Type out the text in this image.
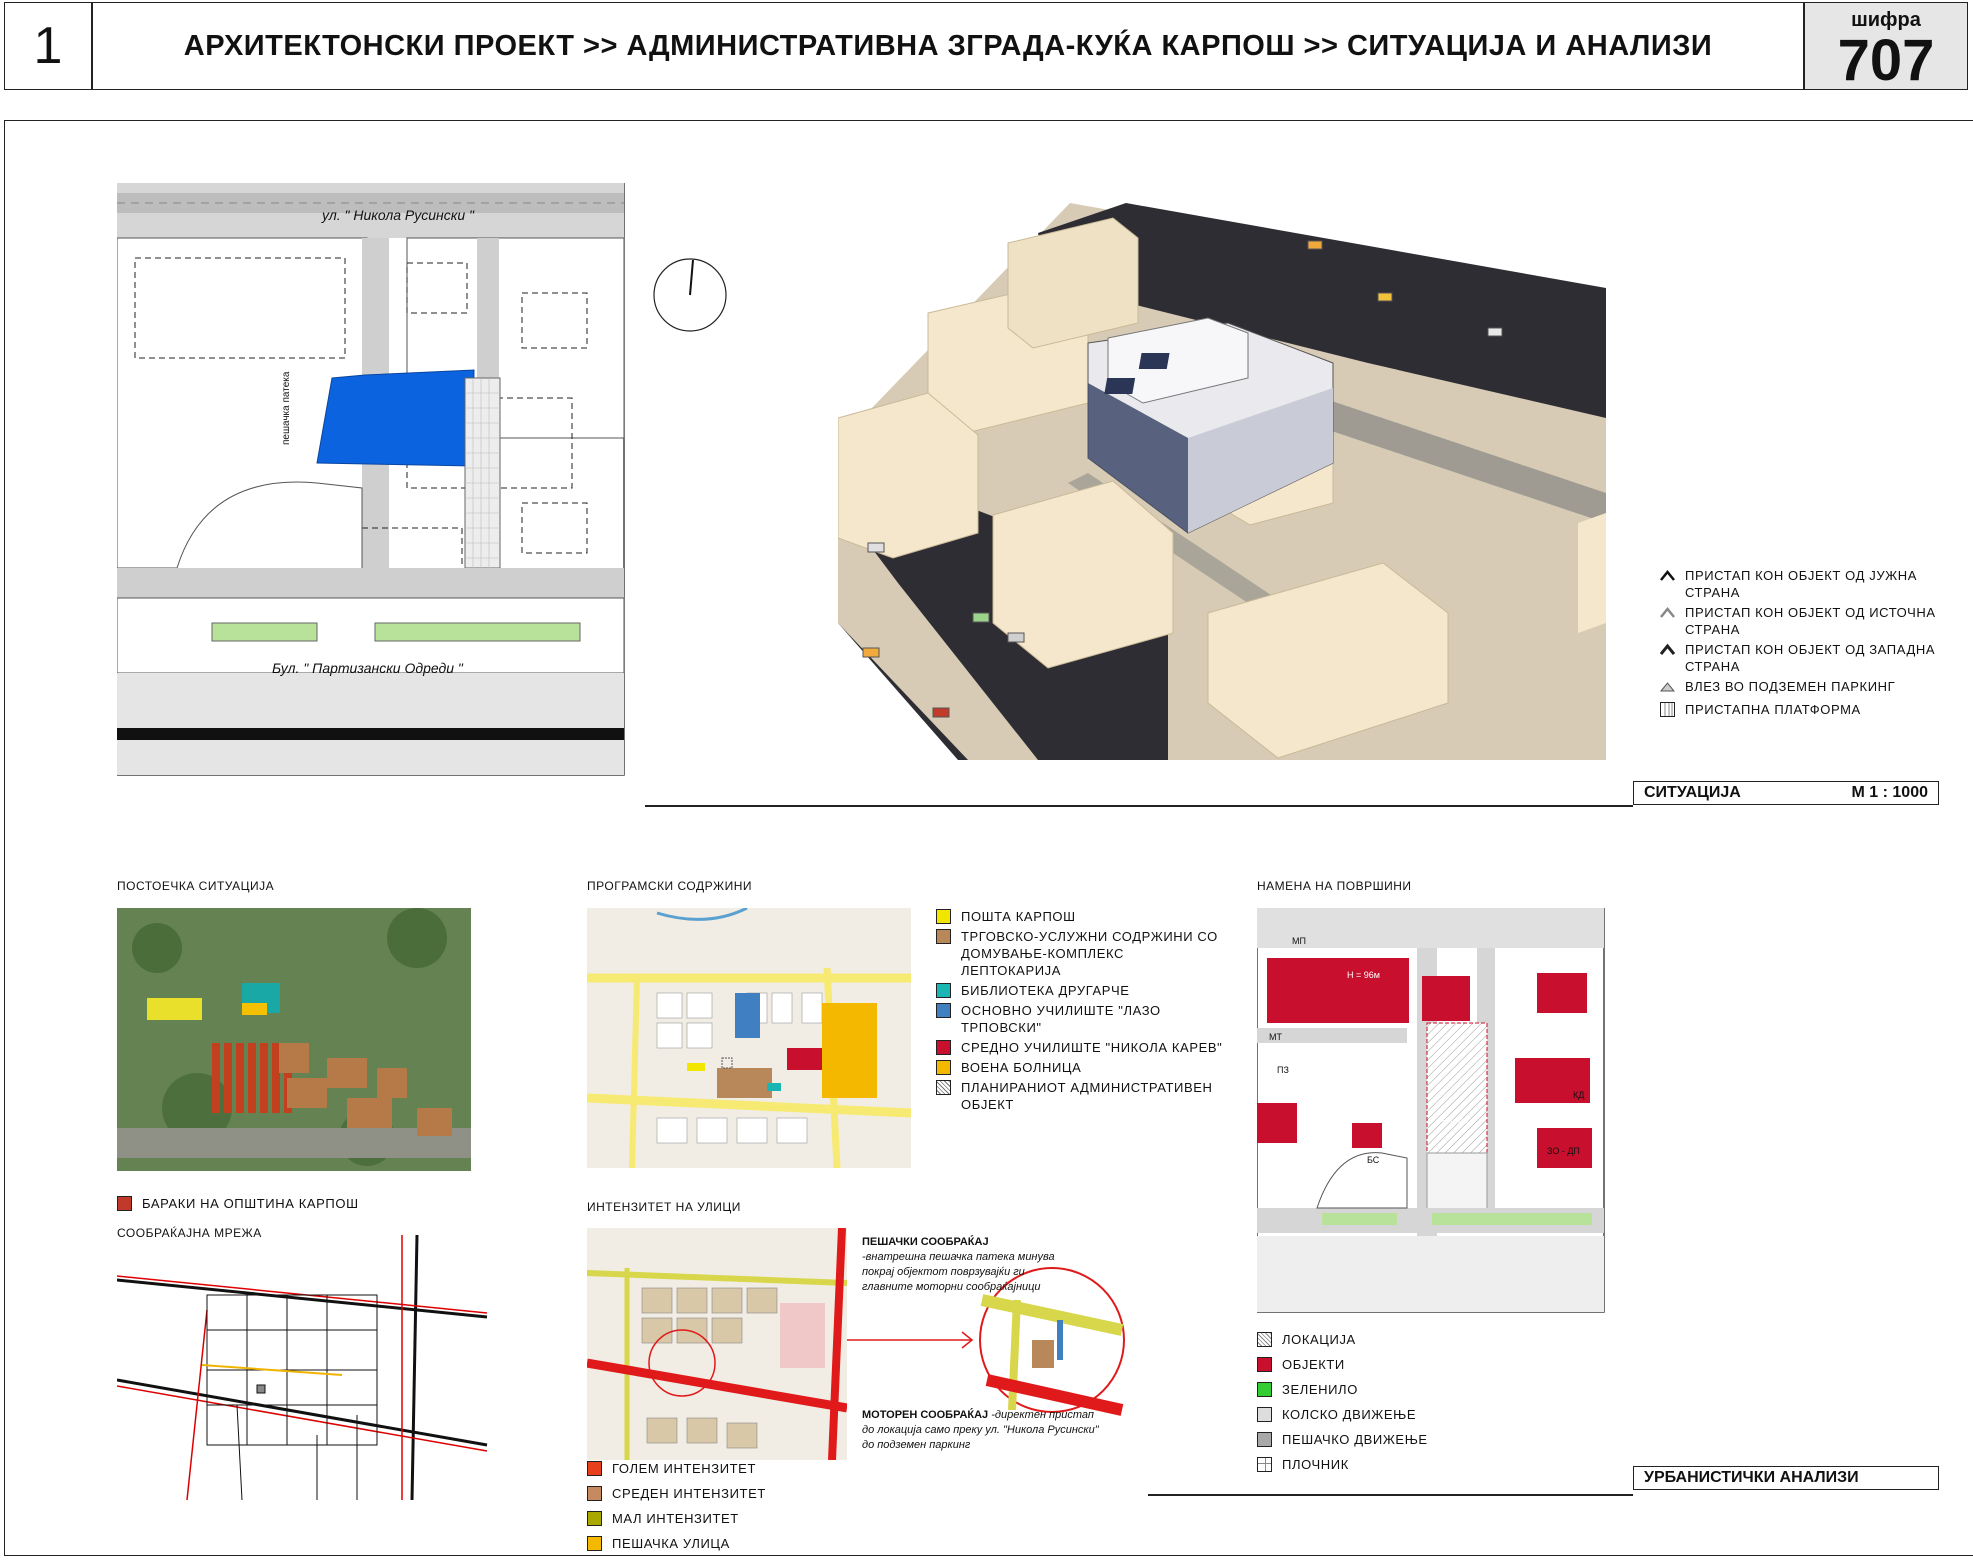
1	АРХИТЕКТОНСКИ ПРОЕКТ >> АДМИНИСТРАТИВНА ЗГРАДА-КУЌА КАРПОШ >> СИТУАЦИЈА И АНАЛИЗИ
шифра
707
пешачка патека
ул. " Никола Русински "
Бул. " Партизански Одреди "
ПРИСТАП КОН ОБЈЕКТ ОД ЈУЖНА СТРАНА
ПРИСТАП КОН ОБЈЕКТ ОД ИСТОЧНА СТРАНА
ПРИСТАП КОН ОБЈЕКТ ОД ЗАПАДНА СТРАНА
ВЛЕЗ ВО ПОДЗЕМЕН ПАРКИНГ
ПРИСТАПНА ПЛАТФОРМА
СИТУАЦИЈА	М 1 : 1000
ПОСТОЕЧКА СИТУАЦИЈА
БАРАКИ НА ОПШТИНА КАРПОШ
СООБРАЌАЈНА МРЕЖА
ПРОГРАМСКИ СОДРЖИНИ
ПОШТА КАРПОШ
ТРГОВСКО-УСЛУЖНИ СОДРЖИНИ СО ДОМУВАЊЕ-КОМПЛЕКС ЛЕПТОКАРИЈА
БИБЛИОТЕКА ДРУГАРЧЕ
ОСНОВНО УЧИЛИШТЕ "ЛАЗО ТРПОВСКИ"
СРЕДНО УЧИЛИШТЕ "НИКОЛА КАРЕВ"
ВОЕНА БОЛНИЦА
ПЛАНИРАНИОТ АДМИНИСТРАТИВЕН ОБЈЕКТ
ИНТЕНЗИТЕТ НА УЛИЦИ
ПЕШАЧКИ СООБРАЌАЈ
-внатрешна пешачка патека минува покрај објектот поврзувајќи ги главните моторни сообраќајници
МОТОРЕН СООБРАЌАЈ -директен пристап до локација само преку ул. "Никола Русински" до подземен паркинг
ГОЛЕМ ИНТЕНЗИТЕТ
СРЕДЕН ИНТЕНЗИТЕТ
МАЛ ИНТЕНЗИТЕТ
ПЕШАЧКА УЛИЦА
НАМЕНА НА ПОВРШИНИ
МП
МТ
ПЗ
БС
КД
ЗО - ДП
Н = 96м
Н = 16м
ЛОКАЦИЈА
ОБЈЕКТИ
ЗЕЛЕНИЛО
КОЛСКО ДВИЖЕЊЕ
ПЕШАЧКО ДВИЖЕЊЕ
ПЛОЧНИК
УРБАНИСТИЧКИ АНАЛИЗИ
